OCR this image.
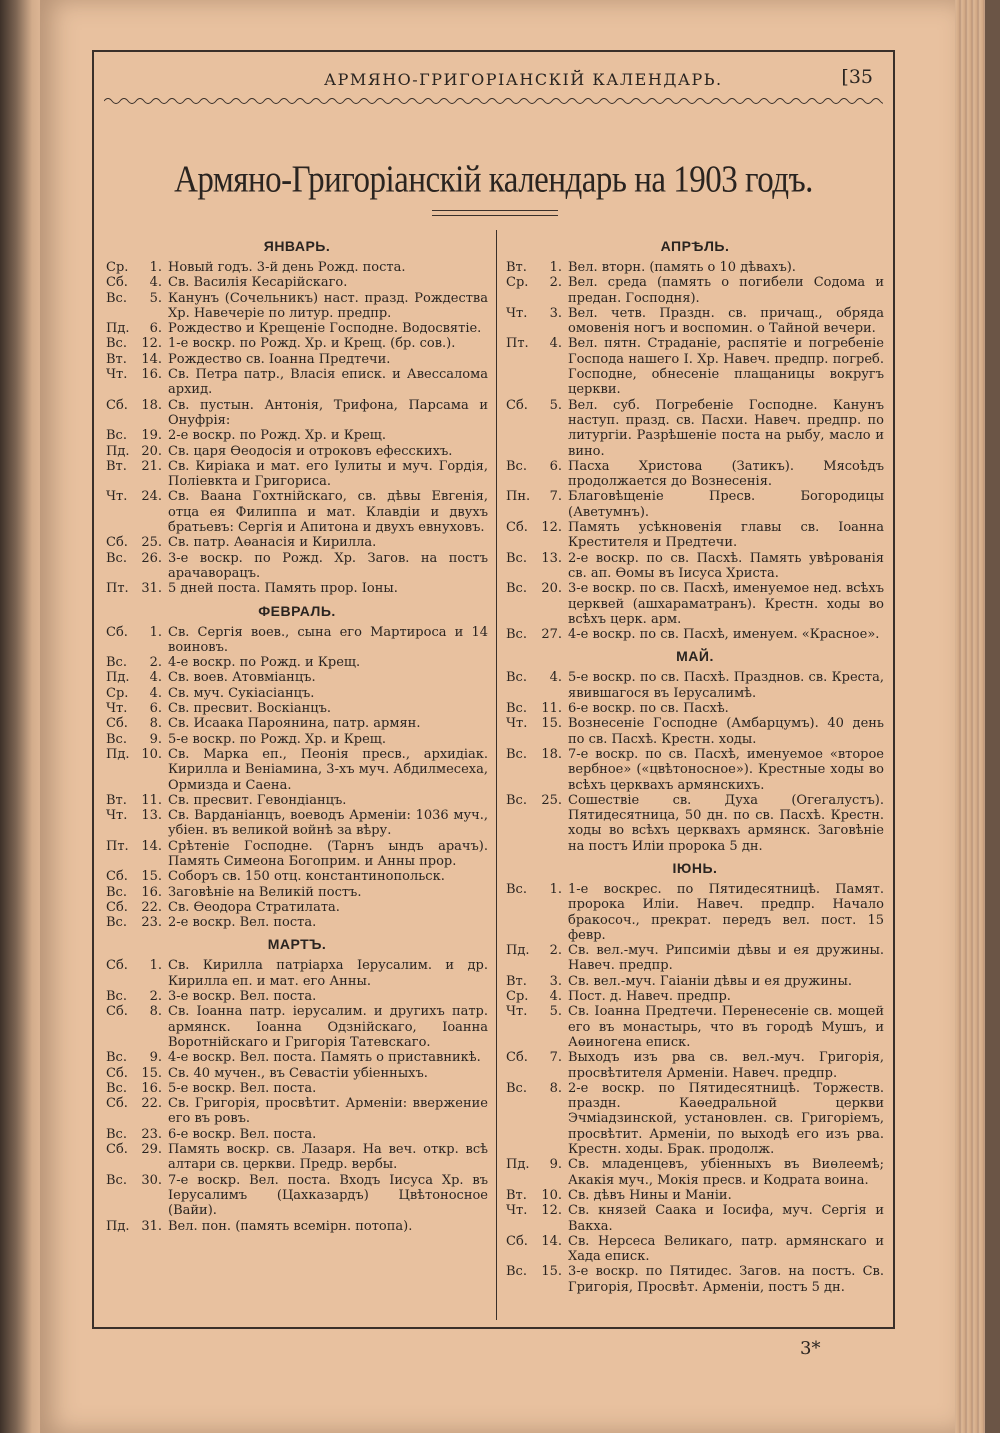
АРМЯНО-ГРИГОРІАНСКІЙ КАЛЕНДАРЬ.	[35
Армяно-Григоріанскій календарь на 1903 годъ.
ЯНВАРЬ.
Ср.	1. Новый годъ. 3-й день Рожд. поста.
Сб.	4. Св. Василія Кесарійскаго.
Вс.	5. Канунъ (Сочельникъ) наст. празд. Рождества Хр. Навечеріе по литур. предпр.
Пд.	6. Рождество и Крещеніе Господне. Водосвятіе.
Вс.	12. 1-е воскр. по Рожд. Хр. и Крещ. (бр. сов.).
Вт.	14. Рождество св. Іоанна Предтечи.
Чт.	16. Св. Петра патр., Власія еписк. и Авессалома архид.
Сб.	18. Св. пустын. Антонія, Трифона, Парсама и Онуфрія:
Вс.	19. 2-е воскр. по Рожд. Хр. и Крещ.
Пд. 20. Св. царя Өеодосія и отроковъ ефесскихъ.
Вт.	21. Св. Киріака и мат. его Іулиты и муч. Гордія, Поліевкта и Григориса.
Чт.	24. Св. Ваана Гохтнійскаго, св. дѣвы Евгенія, отца ея Филиппа и мат. Клавдіи и двухъ братьевъ: Сергія и Апитона и двухъ евнуховъ.
Сб.	25. Св. патр. Аөанасія и Кирилла.
Вс.	26. 3-е воскр. по Рожд. Хр. Загов. на постъ арачаворацъ.
Пт. 31. 5 дней поста. Память прор. Іоны.
ФЕВРАЛЬ.
Сб.	1. Св. Сергія воев., сына его Мартироса и 14 воиновъ.
Вс.	2. 4-е воскр. по Рожд. и Крещ.
Пд.	4. Св. воев. Атовміанцъ.
Ср.	4. Св. муч. Сукіасіанцъ.
Чт.	6. Св. пресвит. Воскіанцъ.
Сб.	8. Св. Исаака Пароянина, патр. армян.
Вс.	9. 5-е воскр. по Рожд. Хр. и Крещ.
Пд. 10. Св. Марка еп., Пеонія пресв., архидіак. Кирилла и Веніамина, 3-хъ муч. Абдилмесеха, Ормизда и Саена.
Вт.	11. Св. пресвит. Гевондіанцъ.
Чт.	13. Св. Варданіанцъ, воеводъ Арменіи: 1036 муч., убіен. въ великой войнѣ за вѣру.
Пт. 14. Срѣтеніе Господне. (Тарнъ ындъ арачъ). Память Симеона Богоприм. и Анны прор.
Сб.	15. Соборъ св. 150 отц. константинопольск.
Вс.	16. Заговѣніе на Великій постъ.
Сб.	22. Св. Өеодора Стратилата.
Вс.	23. 2-е воскр. Вел. поста.
МАРТЪ.
Сб.	1. Св. Кирилла патріарха Іерусалим. и др. Кирилла еп. и мат. его Анны.
Вс.	2. 3-е воскр. Вел. поста.
Сб.	8. Св. Іоанна патр. іерусалим. и другихъ патр. армянск. Іоанна Одзнійскаго, Іоанна Воротнійскаго и Григорія Татевскаго.
Вс.	9. 4-е воскр. Вел. поста. Память о приставникѣ.
Сб.	15. Св. 40 мучен., въ Севастіи убіенныхъ.
Вс.	16. 5-е воскр. Вел. поста.
Сб.	22. Св. Григорія, просвѣтит. Арменіи: ввержение его въ ровъ.
Вс.	23. 6-е воскр. Вел. поста.
Сб.	29. Память воскр. св. Лазаря. На веч. откр. всѣ алтари св. церкви. Предр. вербы.
Вс.	30. 7-е воскр. Вел. поста. Входъ Іисуса Хр. въ Іерусалимъ (Цахказардъ) Цвѣтоносное (Вайи).
Пд. 31. Вел. пон. (память всемірн. потопа).
АПРѢЛЬ.
Вт.	1. Вел. вторн. (память о 10 дѣвахъ).
Ср.	2. Вел. среда (память о погибели Содома и предан. Господня).
Чт.	3. Вел. четв. Праздн. св. причащ., обряда омовенія ногъ и воспомин. о Тайной вечери.
Пт.	4. Вел. пятн. Страданіе, распятіе и погребеніе Господа нашего І. Хр. Навеч. предпр. погреб. Господне, обнесеніе плащаницы вокругъ церкви.
Сб.	5. Вел. суб. Погребеніе Господне. Канунъ наступ. празд. св. Пасхи. Навеч. предпр. по литургіи. Разрѣшеніе поста на рыбу, масло и вино.
Вс.	6. Пасха Христова (Затикъ). Мясоѣдъ продолжается до Вознесенія.
Пн.	7. Благовѣщеніе Пресв. Богородицы (Аветумнъ).
Сб.	12. Память усѣкновенія главы св. Іоанна Крестителя и Предтечи.
Вс.	13. 2-е воскр. по св. Пасхѣ. Память увѣрованія св. ап. Өомы въ Іисуса Христа.
Вс.	20. 3-е воскр. по св. Пасхѣ, именуемое нед. всѣхъ церквей (ашхараматранъ). Крестн. ходы во всѣхъ церк. арм.
Вс.	27. 4-е воскр. по св. Пасхѣ, именуем. «Красное».
МАЙ.
Вс.	4. 5-е воскр. по св. Пасхѣ. Празднов. св. Креста, явившагося въ Іерусалимѣ.
Вс.	11. 6-е воскр. по св. Пасхѣ.
Чт.	15. Вознесеніе Господне (Амбарцумъ). 40 день по св. Пасхѣ. Крестн. ходы.
Вс.	18. 7-е воскр. по св. Пасхѣ, именуемое «второе вербное» («цвѣтоносное»). Крестные ходы во всѣхъ церквахъ армянскихъ.
Вс.	25. Сошествіе св. Духа (Огегалустъ). Пятидесятница, 50 дн. по св. Пасхѣ. Крестн. ходы во всѣхъ церквахъ армянск. Заговѣніе на постъ Иліи пророка 5 дн.
ІЮНЬ.
Вс.	1. 1-е воскрес. по Пятидесятницѣ. Памят. пророка Иліи. Навеч. предпр. Начало бракосоч., прекрат. передъ вел. пост. 15 февр.
Пд.	2. Св. вел.-муч. Рипсиміи дѣвы и ея дружины. Навеч. предпр.
Вт.	3. Св. вел.-муч. Гаіаніи дѣвы и ея дружины.
Ср.	4. Пост. д. Навеч. предпр.
Чт.	5. Св. Іоанна Предтечи. Перенесеніе св. мощей его въ монастырь, что въ городѣ Мушъ, и Аөиногена еписк.
Сб.	7. Выходъ изъ рва св. вел.-муч. Григорія, просвѣтителя Арменіи. Навеч. предпр.
Вс.	8. 2-е воскр. по Пятидесятницѣ. Торжеств. праздн. Каөедральной церкви Эчміадзинской, установлен. св. Григоріемъ, просвѣтит. Арменіи, по выходѣ его изъ рва. Крестн. ходы. Брак. продолж.
Пд.	9. Св. младенцевъ, убіенныхъ въ Виөлеемѣ; Акакія муч., Мокія пресв. и Кодрата воина.
Вт.	10. Св. дѣвъ Нины и Маніи.
Чт.	12. Св. князей Саака и Іосифа, муч. Сергія и Вакха.
Сб.	14. Св. Нерсеса Великаго, патр. армянскаго и Хада еписк.
Вс.	15. 3-е воскр. по Пятидес. Загов. на постъ. Св. Григорія, Просвѣт. Арменіи, постъ 5 дн.
3*
